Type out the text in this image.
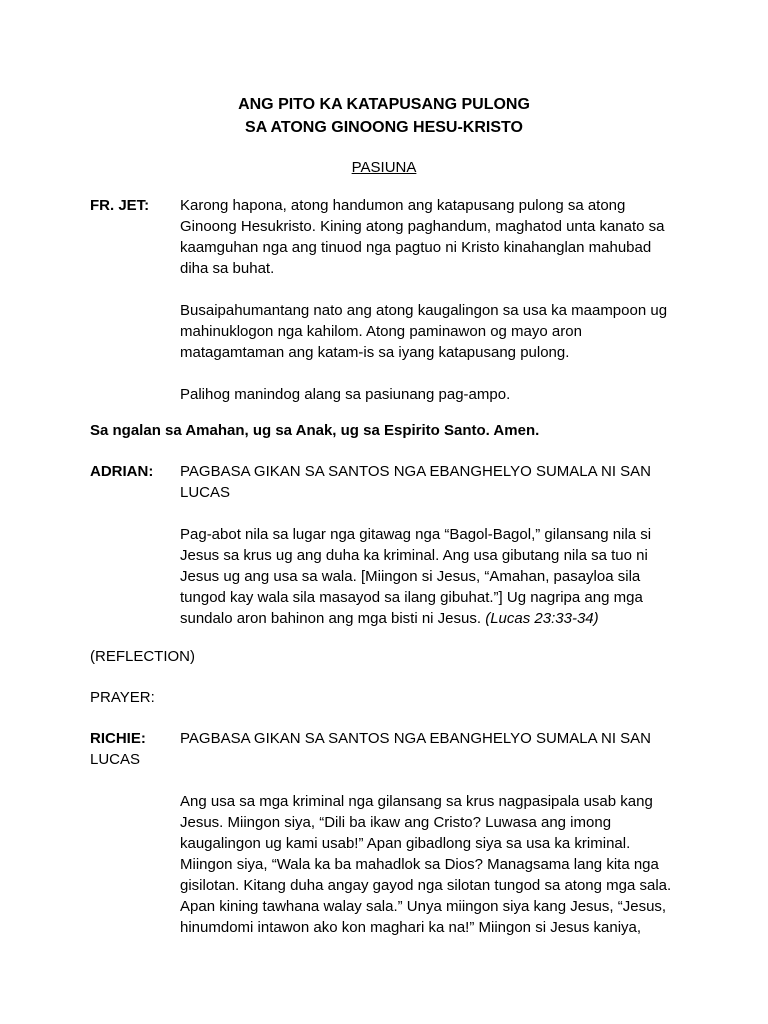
ANG PITO KA KATAPUSANG PULONG

SA ATONG GINOONG HESU-KRISTO

PASIUNA
FR. JET:	Karong hapona, atong handumon ang katapusang pulong sa atong Ginoong Hesukristo. Kining atong paghandum, maghatod unta kanato sa kaamguhan nga ang tinuod nga pagtuo ni Kristo kinahanglan mahubad diha sa buhat.

Busaipahumantang nato ang atong kaugalingon sa usa ka maampoon ug mahinuklogon nga kahilom. Atong paminawon og mayo aron matagamtaman ang katam-is sa iyang katapusang pulong.

Palihog manindog alang sa pasiunang pag-ampo.

Sa ngalan sa Amahan, ug sa Anak, ug sa Espirito Santo. Amen.
ADRIAN:	PAGBASA GIKAN SA SANTOS NGA EBANGHELYO SUMALA NI SAN LUCAS

Pag-abot nila sa lugar nga gitawag nga “Bagol-Bagol,” gilansang nila si Jesus sa krus ug ang duha ka kriminal. Ang usa gibutang nila sa tuo ni Jesus ug ang usa sa wala. [Miingon si Jesus, “Amahan, pasayloa sila tungod kay wala sila masayod sa ilang gibuhat.”] Ug nagripa ang mga sundalo aron bahinon ang mga bisti ni Jesus. (Lucas 23:33-34)

(REFLECTION)
PRAYER:
RICHIE:	PAGBASA GIKAN SA SANTOS NGA EBANGHELYO SUMALA NI SAN
LUCAS

Ang usa sa mga kriminal nga gilansang sa krus nagpasipala usab kang Jesus. Miingon siya, “Dili ba ikaw ang Cristo? Luwasa ang imong kaugalingon ug kami usab!” Apan gibadlong siya sa usa ka kriminal. Miingon siya, “Wala ka ba mahadlok sa Dios? Managsama lang kita nga gisilotan. Kitang duha angay gayod nga silotan tungod sa atong mga sala. Apan kining tawhana walay sala.” Unya miingon siya kang Jesus, “Jesus, hinumdomi intawon ako kon maghari ka na!” Miingon si Jesus kaniya,
